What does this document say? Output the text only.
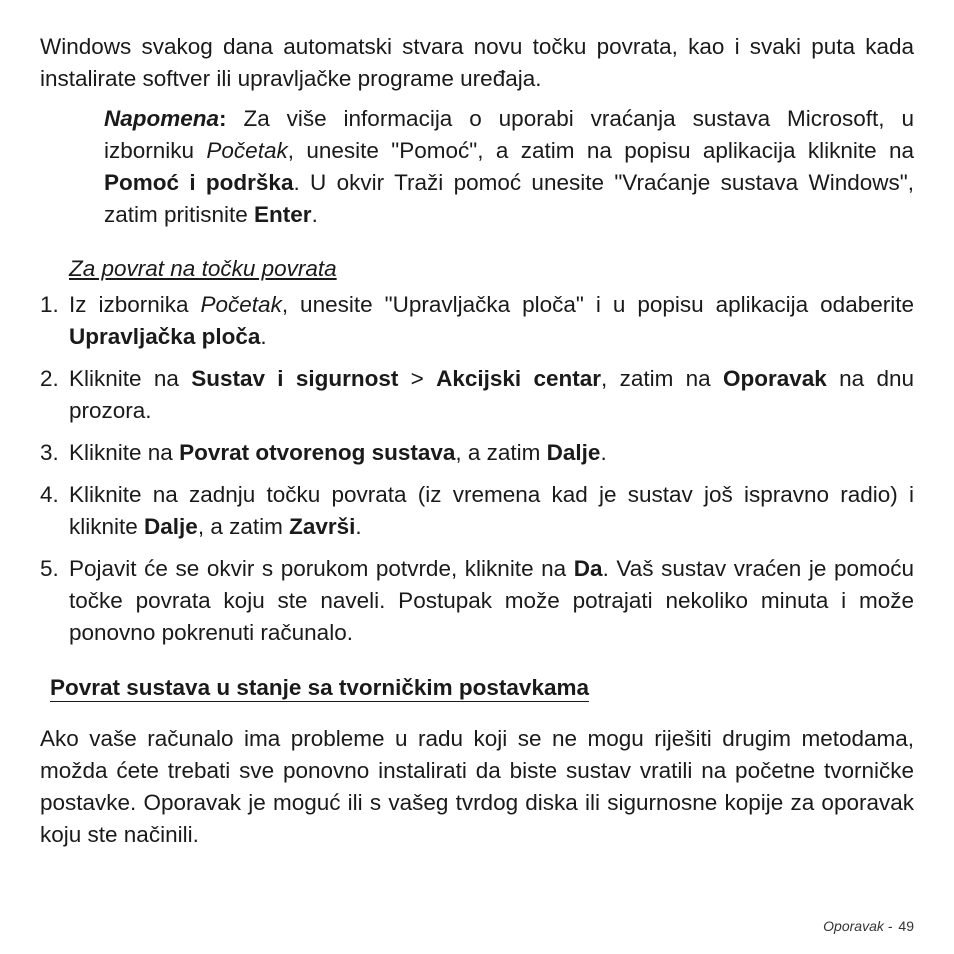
Windows svakog dana automatski stvara novu točku povrata, kao i svaki puta kada instalirate softver ili upravljačke programe uređaja.

Napomena: Za više informacija o uporabi vraćanja sustava Microsoft, u izborniku Početak, unesite "Pomoć", a zatim na popisu aplikacija kliknite na Pomoć i podrška. U okvir Traži pomoć unesite "Vraćanje sustava Windows", zatim pritisnite Enter.

Za povrat na točku povrata

1. Iz izbornika Početak, unesite "Upravljačka ploča" i u popisu aplikacija odaberite Upravljačka ploča.

2. Kliknite na Sustav i sigurnost > Akcijski centar, zatim na Oporavak na dnu prozora.

3. Kliknite na Povrat otvorenog sustava, a zatim Dalje.

4. Kliknite na zadnju točku povrata (iz vremena kad je sustav još ispravno radio) i kliknite Dalje, a zatim Završi.

5. Pojavit će se okvir s porukom potvrde, kliknite na Da. Vaš sustav vraćen je pomoću točke povrata koju ste naveli. Postupak može potrajati nekoliko minuta i može ponovno pokrenuti računalo.

Povrat sustava u stanje sa tvorničkim postavkama

Ako vaše računalo ima probleme u radu koji se ne mogu riješiti drugim metodama, možda ćete trebati sve ponovno instalirati da biste sustav vratili na početne tvorničke postavke. Oporavak je moguć ili s vašeg tvrdog diska ili sigurnosne kopije za oporavak koju ste načinili.

Oporavak - 49
